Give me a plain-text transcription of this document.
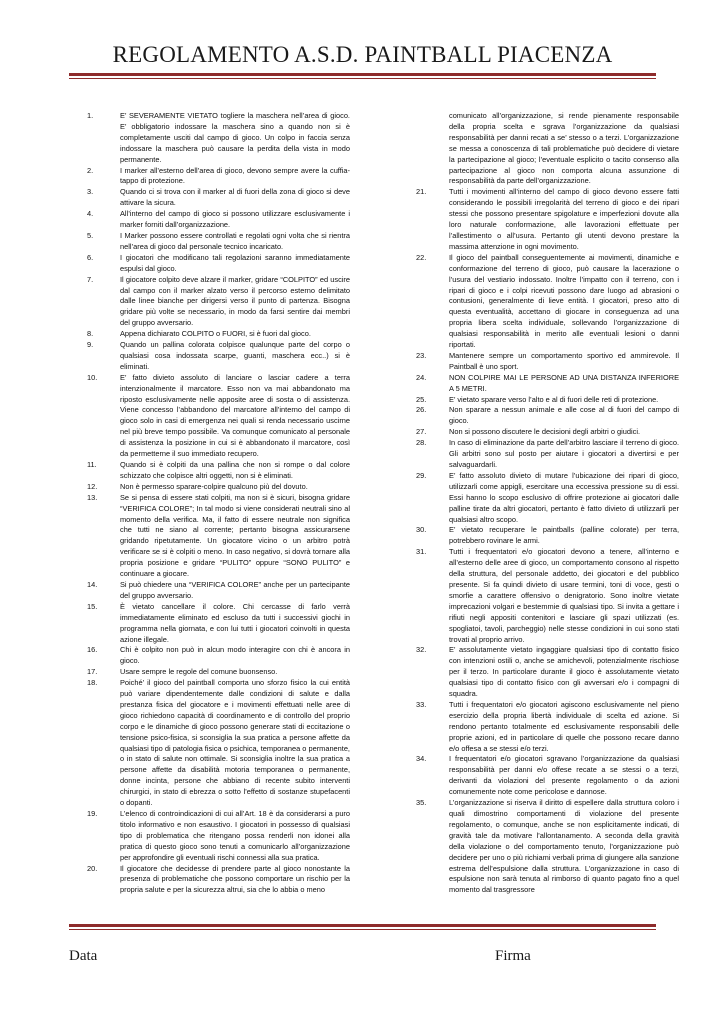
REGOLAMENTO A.S.D. PAINTBALL PIACENZA
1.	E’ SEVERAMENTE VIETATO togliere la maschera nell’area di gioco. E’ obbligatorio indossare la maschera sino a quando non si è completamente usciti dal campo di gioco. Un colpo in faccia senza indossare la maschera può causare la perdita della vista in modo permanente.
2.	I marker all’esterno dell’area di gioco, devono sempre avere la cuffia-tappo di protezione.
3.	Quando ci si trova con il marker al di fuori della zona di gioco si deve attivare la sicura.
4.	All’interno del campo di gioco si possono utilizzare esclusivamente i marker forniti dall’organizzazione.
5.	I Marker possono essere controllati e regolati ogni volta che si rientra nell’area di gioco dal personale tecnico incaricato.
6.	I giocatori che modificano tali regolazioni saranno immediatamente espulsi dal gioco.
7.	Il giocatore colpito deve alzare il marker, gridare “COLPITO” ed uscire dal campo con il marker alzato verso il percorso esterno delimitato dalle linee bianche per dirigersi verso il punto di partenza. Bisogna gridare più volte se necessario, in modo da farsi sentire dai membri del gruppo avversario.
8.	Appena dichiarato COLPITO o FUORI, si è fuori dal gioco.
9.	Quando un pallina colorata colpisce qualunque parte del corpo o qualsiasi cosa indossata scarpe, guanti, maschera ecc..) si è eliminati.
10.	E’ fatto divieto assoluto di lanciare o lasciar cadere a terra intenzionalmente il marcatore. Esso non va mai abbandonato ma riposto esclusivamente nelle apposite aree di sosta o di assistenza. Viene concesso l’abbandono del marcatore all’interno del campo di gioco solo in casi di emergenza nei quali si renda necessario uscirne nel più breve tempo possibile. Va comunque comunicato al personale di assistenza la posizione in cui si è abbandonato il marcatore, così da permetterne il suo immediato recupero.
11.	Quando si è colpiti da una pallina che non si rompe o dal colore schizzato che colpisce altri oggetti, non si è eliminati.
12.	Non è permesso sparare-colpire qualcuno più del dovuto.
13.	Se si pensa di essere stati colpiti, ma non si è sicuri, bisogna gridare “VERIFICA COLORE”; In tal modo si viene considerati neutrali sino al momento della verifica. Ma, il fatto di essere neutrale non significa che tutti ne siano al corrente; pertanto bisogna assicurarsene gridando ripetutamente. Un giocatore vicino o un arbitro potrà verificare se si è colpiti o meno. In caso negativo, si dovrà tornare alla propria posizione e gridare “PULITO” oppure “SONO PULITO” e continuare a giocare.
14.	Si può chiedere una “VERIFICA COLORE” anche per un partecipante del gruppo avversario.
15.	È vietato cancellare il colore. Chi cercasse di farlo verrà immediatamente eliminato ed escluso da tutti i successivi giochi in programma nella giornata, e con lui tutti i giocatori coinvolti in questa azione illegale.
16.	Chi è colpito non può in alcun modo interagire con chi è ancora in gioco.
17.	Usare sempre le regole del comune buonsenso.
18.	Poiché’ il gioco del paintball comporta uno sforzo fisico la cui entità può variare dipendentemente dalle condizioni di salute e dalla prestanza fisica del giocatore e i movimenti effettuati nelle aree di gioco richiedono capacità di coordinamento e di controllo del proprio corpo e le dinamiche di gioco possono generare stati di eccitazione o tensione psico-fisica, si sconsiglia la sua pratica a persone affette da qualsiasi tipo di patologia fisica o psichica, temporanea o permanente, o in stato di salute non ottimale. Si sconsiglia inoltre la sua pratica a persone affette da disabilità motoria temporanea o permanente, donne incinta, persone che abbiano di recente subito interventi chirurgici, in stato di ebrezza o sotto l’effetto di sostanze stupefacenti o dopanti.
19.	L’elenco di controindicazioni di cui all’Art. 18 è da considerarsi a puro titolo informativo e non esaustivo. I giocatori in possesso di qualsiasi tipo di problematica che ritengano possa renderli non idonei alla pratica di questo gioco sono tenuti a comunicarlo all’organizzazione per approfondire gli eventuali rischi connessi alla sua pratica.
20.	Il giocatore che decidesse di prendere parte al gioco nonostante la presenza di problematiche che possono comportare un rischio per la propria salute e per la sicurezza altrui, sia che lo abbia o meno
comunicato all’organizzazione, si rende pienamente responsabile della propria scelta e sgrava l’organizzazione da qualsiasi responsabilità per danni recati a se’ stesso o a terzi. L’organizzazione se messa a conoscenza di tali problematiche può decidere di vietare la partecipazione al gioco; l’eventuale esplicito o tacito consenso alla partecipazione al gioco non comporta alcuna assunzione di responsabilità da parte dell’organizzazione.
21.	Tutti i movimenti all’interno del campo di gioco devono essere fatti considerando le possibili irregolarità del terreno di gioco e dei ripari stessi che possono presentare spigolature e imperfezioni dovute alla loro naturale conformazione, alle lavorazioni effettuate per l’allestimento o all’usura. Pertanto gli utenti devono prestare la massima attenzione in ogni movimento.
22.	Il gioco del paintball conseguentemente ai movimenti, dinamiche e conformazione del terreno di gioco, può causare la lacerazione o l’usura del vestiario indossato. Inoltre l’impatto con il terreno, con i ripari di gioco e i colpi ricevuti possono dare luogo ad abrasioni o contusioni, generalmente di lieve entità. I giocatori, preso atto di questa eventualità, accettano di giocare in conseguenza ad una propria libera scelta individuale, sollevando l’organizzazione di qualsiasi responsabilità in merito alle eventuali lesioni o danni riportati.
23.	Mantenere sempre un comportamento sportivo ed ammirevole. Il Paintball è uno sport.
24.	NON COLPIRE MAI LE PERSONE AD UNA DISTANZA INFERIORE A 5 METRI.
25.	E’ vietato sparare verso l’alto e al di fuori delle reti di protezione.
26.	Non sparare a nessun animale e alle cose al di fuori del campo di gioco.
27.	Non si possono discutere le decisioni degli arbitri o giudici.
28.	In caso di eliminazione da parte dell’arbitro lasciare il terreno di gioco. Gli arbitri sono sul posto per aiutare i giocatori a divertirsi e per salvaguardarli.
29.	E’ fatto assoluto divieto di mutare l’ubicazione dei ripari di gioco, utilizzarli come appigli, esercitare una eccessiva pressione su di essi. Essi hanno lo scopo esclusivo di offrire protezione ai giocatori dalle palline tirate da altri giocatori, pertanto è fatto divieto di utilizzarli per qualsiasi altro scopo.
30.	E’ vietato recuperare le paintballs (palline colorate) per terra, potrebbero rovinare le armi.
31.	Tutti i frequentatori e/o giocatori devono a tenere, all’interno e all’esterno delle aree di gioco, un comportamento consono al rispetto della struttura, del personale addetto, dei giocatori e del pubblico presente. Si fa quindi divieto di usare termini, toni di voce, gesti o smorfie a carattere offensivo o denigratorio. Sono inoltre vietate imprecazioni volgari e bestemmie di qualsiasi tipo. Si invita a gettare i rifiuti negli appositi contenitori e lasciare gli spazi utilizzati (es. spogliatoi, tavoli, parcheggio) nelle stesse condizioni in cui sono stati trovati al proprio arrivo.
32.	E’ assolutamente vietato ingaggiare qualsiasi tipo di contatto fisico con intenzioni ostili o, anche se amichevoli, potenzialmente rischiose per il terzo. In particolare durante il gioco è assolutamente vietato qualsiasi tipo di contatto fisico con gli avversari e/o i compagni di squadra.
33.	Tutti i frequentatori e/o giocatori agiscono esclusivamente nel pieno esercizio della propria libertà individuale di scelta ed azione. Si rendono pertanto totalmente ed esclusivamente responsabili delle proprie azioni, ed in particolare di quelle che possono recare danno e/o offesa a se stessi e/o terzi.
34.	I frequentatori e/o giocatori sgravano l’organizzazione da qualsiasi responsabilità per danni e/o offese recate a se stessi o a terzi, derivanti da violazioni del presente regolamento o da azioni comunemente note come pericolose e dannose.
35.	L’organizzazione si riserva il diritto di espellere dalla struttura coloro i quali dimostrino comportamenti di violazione del presente regolamento, o comunque, anche se non esplicitamente indicati, di gravità tale da motivare l’allontanamento. A seconda della gravità della violazione o del comportamento tenuto, l’organizzazione può decidere per uno o più richiami verbali prima di giungere alla sanzione estrema dell’espulsione dalla struttura. L’organizzazione in caso di espulsione non sarà tenuta al rimborso di quanto pagato fino a quel momento dal trasgressore
Data	Firma
